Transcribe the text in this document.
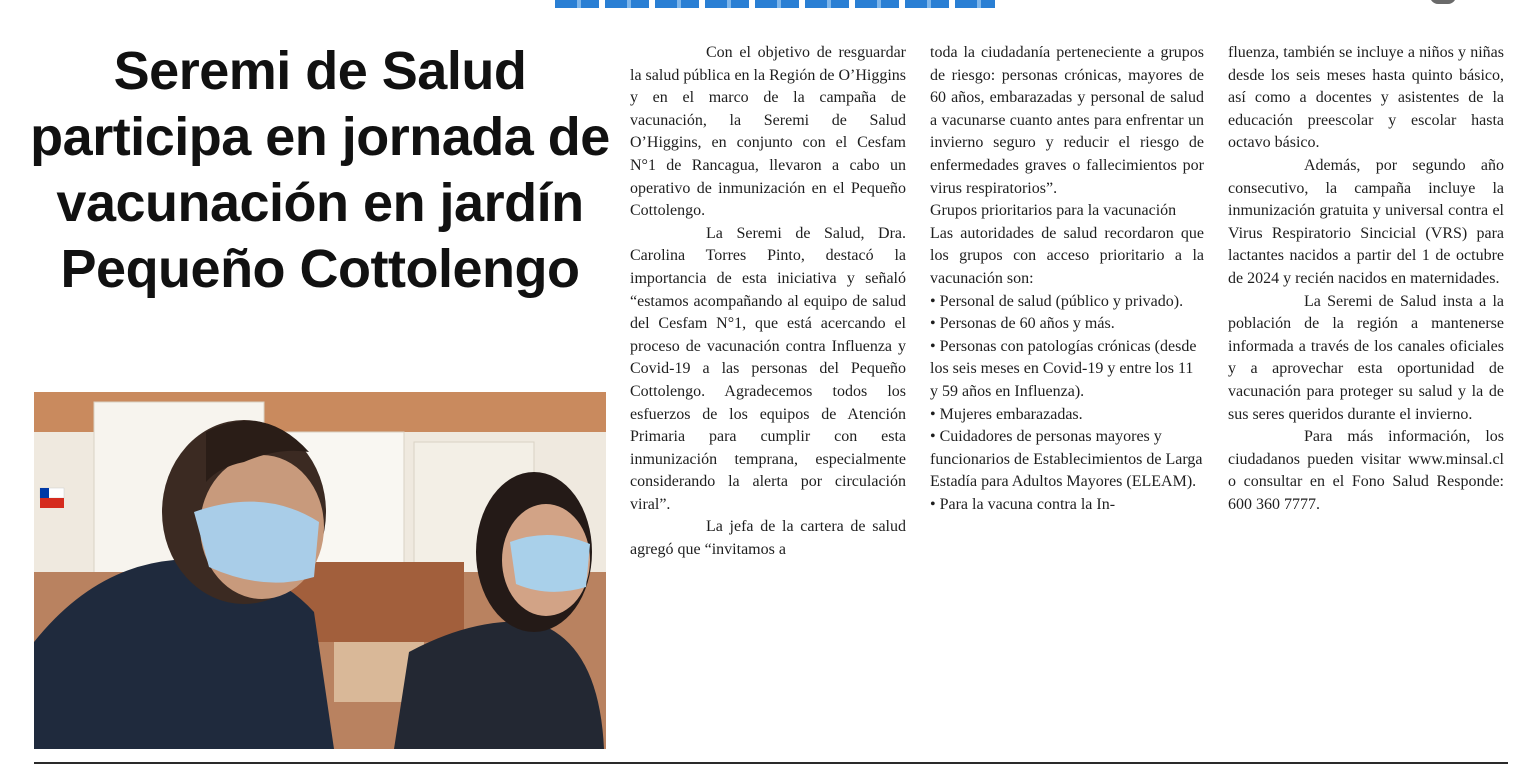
Seremi de Salud participa en jornada de vacunación en jardín Pequeño Cottolengo

Con el objetivo de resguardar la salud pública en la Región de O’Higgins y en el marco de la campaña de vacunación, la Seremi de Salud O’Higgins, en conjunto con el Cesfam N°1 de Rancagua, llevaron a cabo un operativo de inmunización en el Pequeño Cottolengo.

La Seremi de Salud, Dra. Carolina Torres Pinto, destacó la importancia de esta iniciativa y señaló “estamos acompañando al equipo de salud del Cesfam N°1, que está acercando el proceso de vacunación contra Influenza y Covid-19 a las personas del Pequeño Cottolengo. Agradecemos todos los esfuerzos de los equipos de Atención Primaria para cumplir con esta inmunización temprana, especialmente considerando la alerta por circulación viral”.

La jefa de la cartera de salud agregó que “invitamos a

toda la ciudadanía perteneciente a grupos de riesgo: personas crónicas, mayores de 60 años, embarazadas y personal de salud a vacunarse cuanto antes para enfrentar un invierno seguro y reducir el riesgo de enfermedades graves o fallecimientos por virus respiratorios”.

Grupos prioritarios para la vacunación

Las autoridades de salud recordaron que los grupos con acceso prioritario a la vacunación son:

• Personal de salud (público y privado).

• Personas de 60 años y más.

• Personas con patologías crónicas (desde los seis meses en Covid-19 y entre los 11 y 59 años en Influenza).

• Mujeres embarazadas.

• Cuidadores de personas mayores y funcionarios de Establecimientos de Larga Estadía para Adultos Mayores (ELEAM).

• Para la vacuna contra la In-

fluenza, también se incluye a niños y niñas desde los seis meses hasta quinto básico, así como a docentes y asistentes de la educación preescolar y escolar hasta octavo básico.

Además, por segundo año consecutivo, la campaña incluye la inmunización gratuita y universal contra el Virus Respiratorio Sincicial (VRS) para lactantes nacidos a partir del 1 de octubre de 2024 y recién nacidos en maternidades.

La Seremi de Salud insta a la población de la región a mantenerse informada a través de los canales oficiales y a aprovechar esta oportunidad de vacunación para proteger su salud y la de sus seres queridos durante el invierno.

Para más información, los ciudadanos pueden visitar www.minsal.cl o consultar en el Fono Salud Responde: 600 360 7777.
